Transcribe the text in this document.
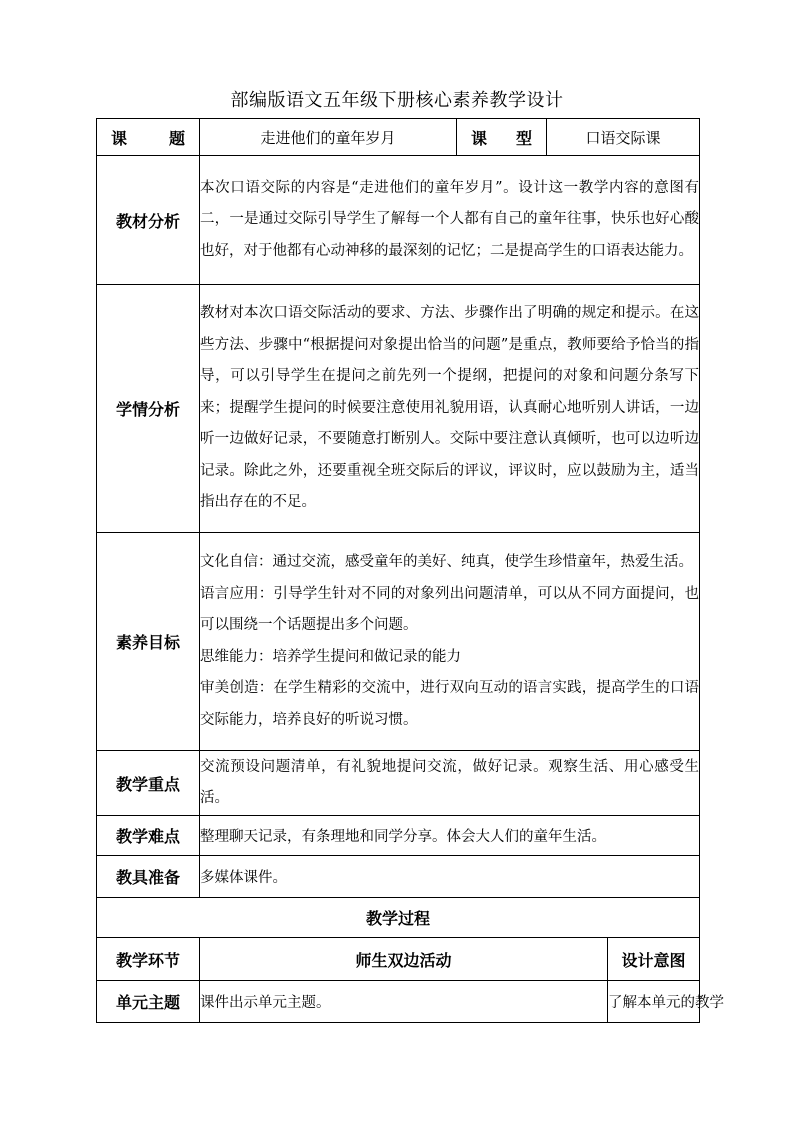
部编版语文五年级下册核心素养教学设计
课　题	走进他们的童年岁月	课　型	口语交际课	
教材分析	本次口语交际的内容是“走进他们的童年岁月”。设计这一教学内容的意图有二，一是通过交际引导学生了解每一个人都有自己的童年往事，快乐也好心酸也好，对于他都有心动神移的最深刻的记忆；二是提高学生的口语表达能力。			
学情分析	教材对本次口语交际活动的要求、方法、步骤作出了明确的规定和提示。在这些方法、步骤中“根据提问对象提出恰当的问题”是重点，教师要给予恰当的指导，可以引导学生在提问之前先列一个提纲，把提问的对象和问题分条写下来；提醒学生提问的时候要注意使用礼貌用语，认真耐心地听别人讲话，一边听一边做好记录，不要随意打断别人。交际中要注意认真倾听，也可以边听边记录。除此之外，还要重视全班交际后的评议，评议时，应以鼓励为主，适当指出存在的不足。			
素养目标	文化自信：通过交流，感受童年的美好、纯真，使学生珍惜童年，热爱生活。

语言应用：引导学生针对不同的对象列出问题清单，可以从不同方面提问，也可以围绕一个话题提出多个问题。

思维能力：培养学生提问和做记录的能力

审美创造：在学生精彩的交流中，进行双向互动的语言实践，提高学生的口语交际能力，培养良好的听说习惯。			

教学重点	交流预设问题清单，有礼貌地提问交流，做好记录。观察生活、用心感受生活。			
教学难点	整理聊天记录，有条理地和同学分享。体会大人们的童年生活。			
教具准备	多媒体课件。			
教学过程				
教学环节	师生双边活动			设计意图
单元主题	课件出示单元主题。			了解本单元的教学
